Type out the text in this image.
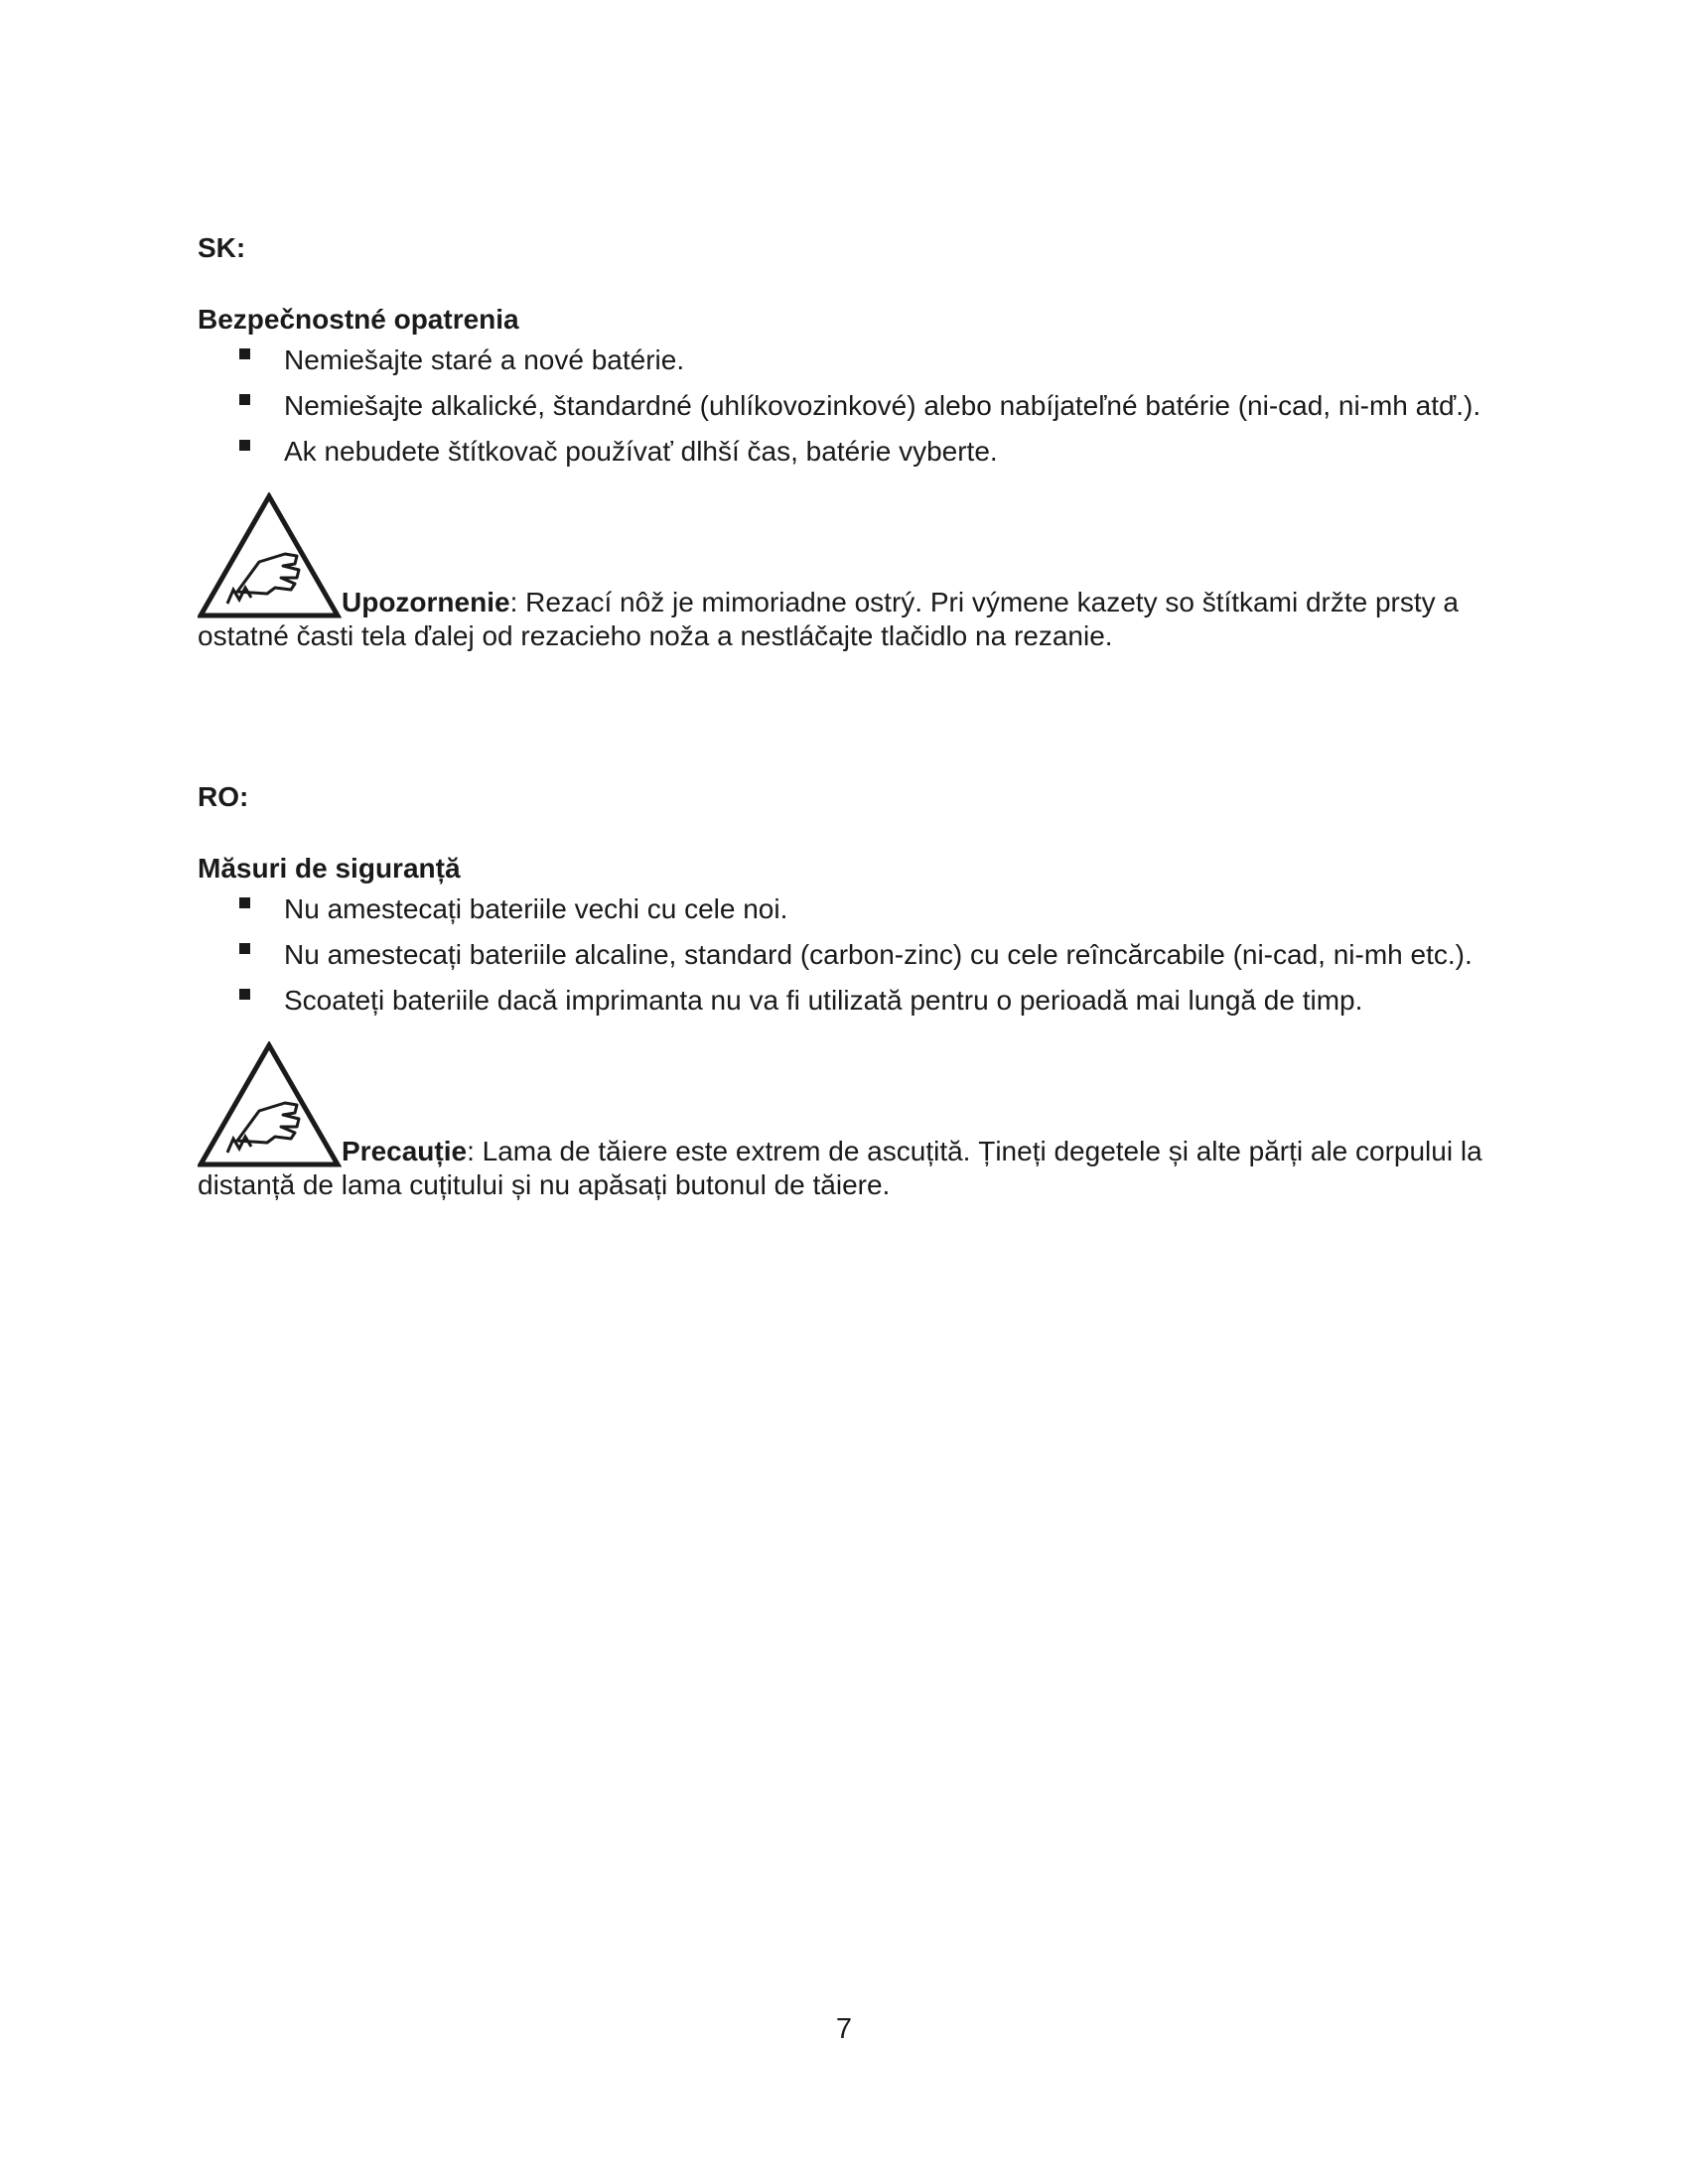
SK:

Bezpečnostné opatrenia

Nemiešajte staré a nové batérie.
Nemiešajte alkalické, štandardné (uhlíkovozinkové) alebo nabíjateľné batérie (ni-cad, ni-mh atď.).
Ak nebudete štítkovač používať dlhší čas, batérie vyberte.
Upozornenie: Rezací nôž je mimoriadne ostrý. Pri výmene kazety so štítkami držte prsty a ostatné časti tela ďalej od rezacieho noža a nestláčajte tlačidlo na rezanie.

RO:

Măsuri de siguranță

Nu amestecați bateriile vechi cu cele noi.
Nu amestecați bateriile alcaline, standard (carbon-zinc) cu cele reîncărcabile (ni-cad, ni-mh etc.).
Scoateți bateriile dacă imprimanta nu va fi utilizată pentru o perioadă mai lungă de timp.
Precauție: Lama de tăiere este extrem de ascuțită. Țineți degetele și alte părți ale corpului la distanță de lama cuțitului și nu apăsați butonul de tăiere.
7
